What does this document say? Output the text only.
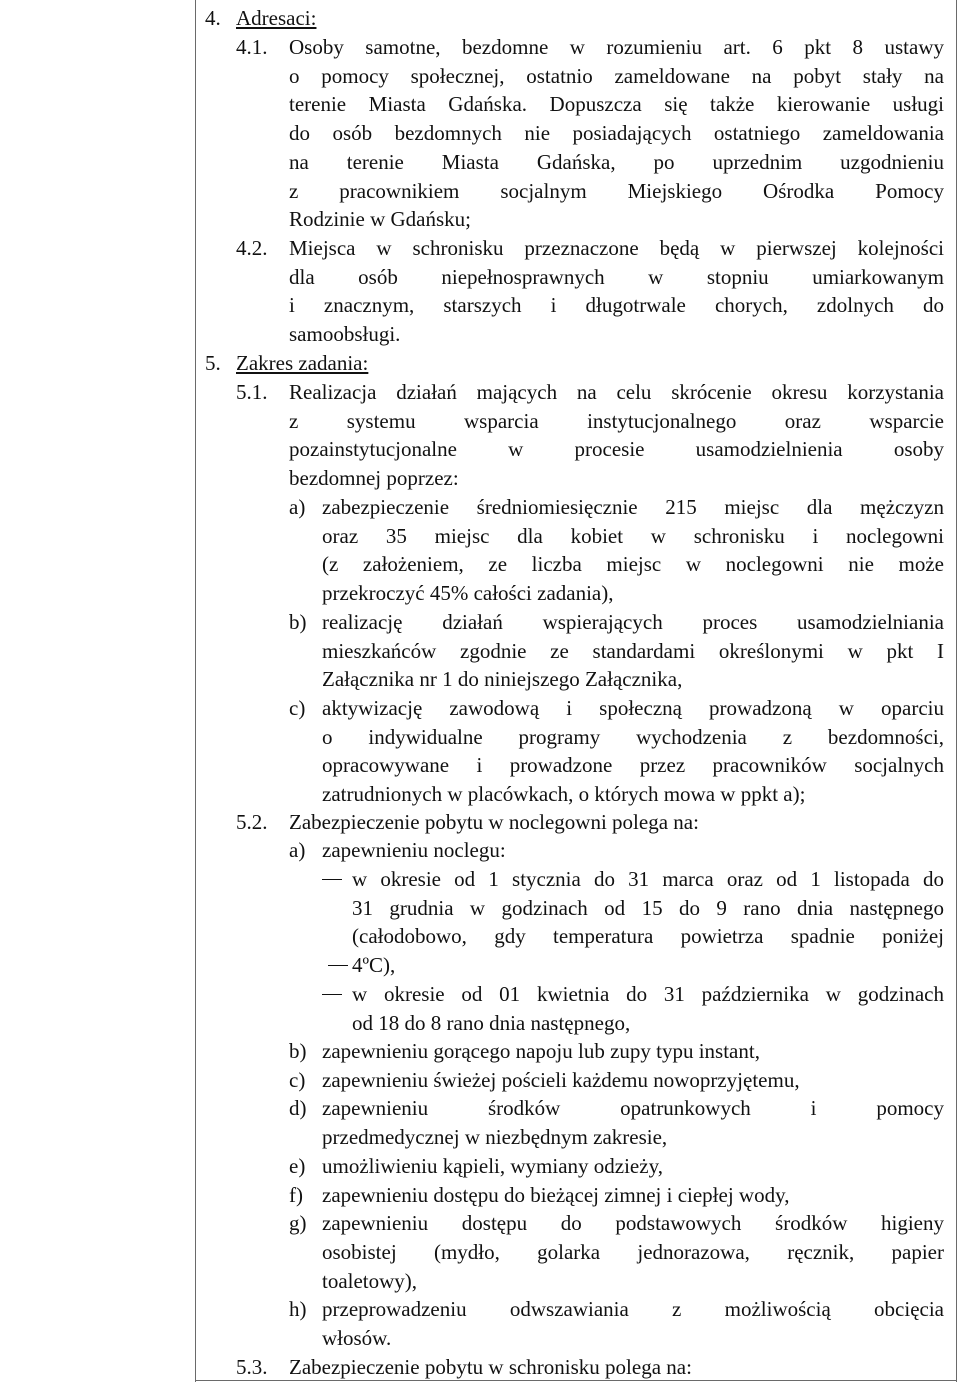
4. Adresaci:
4.1. Osoby samotne, bezdomne w rozumieniu art. 6 pkt 8 ustawy
o pomocy społecznej, ostatnio zameldowane na pobyt stały na
terenie Miasta Gdańska. Dopuszcza się także kierowanie usługi
do osób bezdomnych nie posiadających ostatniego zameldowania
na terenie Miasta Gdańska, po uprzednim uzgodnieniu
z pracownikiem socjalnym Miejskiego Ośrodka Pomocy
Rodzinie w Gdańsku;
4.2. Miejsca w schronisku przeznaczone będą w pierwszej kolejności
dla osób niepełnosprawnych w stopniu umiarkowanym
i znacznym, starszych i długotrwale chorych, zdolnych do
samoobsługi.
5. Zakres zadania:
5.1. Realizacja działań mających na celu skrócenie okresu korzystania
z systemu wsparcia instytucjonalnego oraz wsparcie
pozainstytucjonalne w procesie usamodzielnienia osoby
bezdomnej poprzez:
a) zabezpieczenie średniomiesięcznie 215 miejsc dla mężczyzn
oraz 35 miejsc dla kobiet w schronisku i noclegowni
(z założeniem, ze liczba miejsc w noclegowni nie może
przekroczyć 45% całości zadania),
b) realizację działań wspierających proces usamodzielniania
mieszkańców zgodnie ze standardami określonymi w pkt I
Załącznika nr 1 do niniejszego Załącznika,
c) aktywizację zawodową i społeczną prowadzoną w oparciu
o indywidualne programy wychodzenia z bezdomności,
opracowywane i prowadzone przez pracowników socjalnych
zatrudnionych w placówkach, o których mowa w ppkt a);
5.2. Zabezpieczenie pobytu w noclegowni polega na:
a) zapewnieniu noclegu:
w okresie od 1 stycznia do 31 marca oraz od 1 listopada do
31 grudnia w godzinach od 15 do 9 rano dnia następnego
(całodobowo, gdy temperatura powietrza spadnie poniżej
4ºC),
w okresie od 01 kwietnia do 31 października w godzinach
od 18 do 8 rano dnia następnego,
b) zapewnieniu gorącego napoju lub zupy typu instant,
c) zapewnieniu świeżej pościeli każdemu nowoprzyjętemu,
d) zapewnieniu środków opatrunkowych i pomocy
przedmedycznej w niezbędnym zakresie,
e) umożliwieniu kąpieli, wymiany odzieży,
f) zapewnieniu dostępu do bieżącej zimnej i ciepłej wody,
g) zapewnieniu dostępu do podstawowych środków higieny
osobistej (mydło, golarka jednorazowa, ręcznik, papier
toaletowy),
h) przeprowadzeniu odwszawiania z możliwością obcięcia
włosów.
5.3. Zabezpieczenie pobytu w schronisku polega na:
